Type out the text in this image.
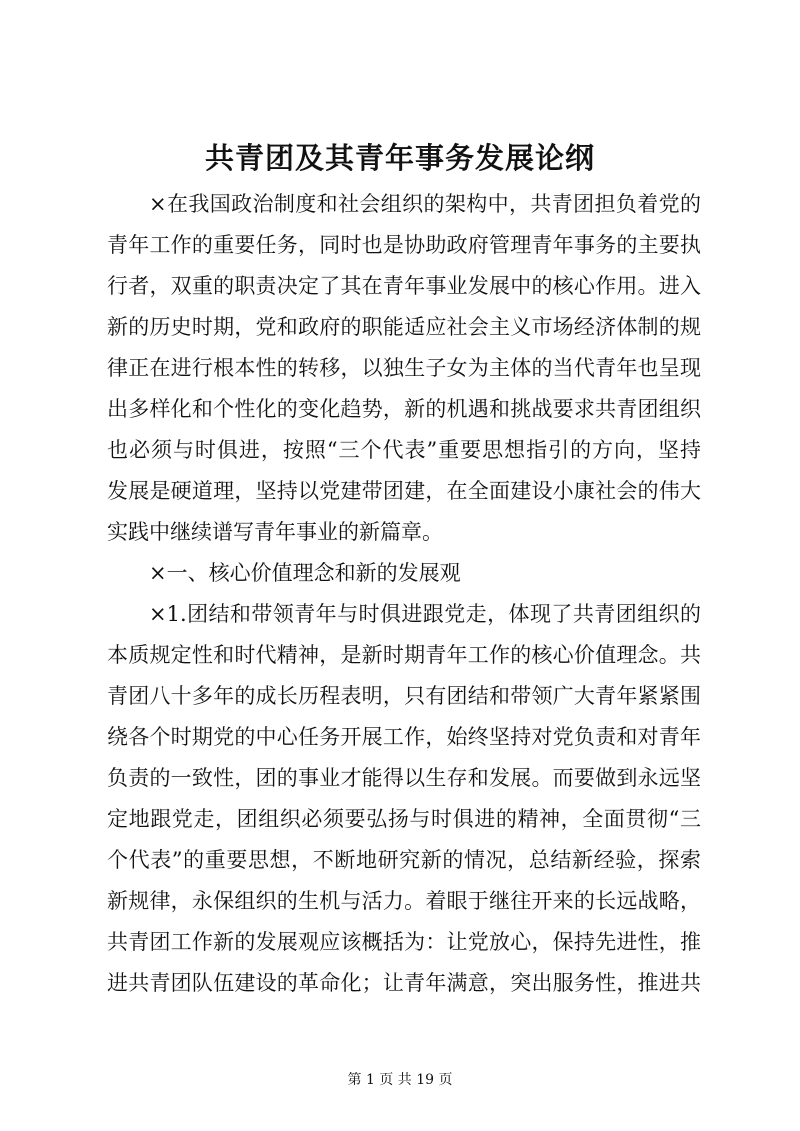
共青团及其青年事务发展论纲
×在我国政治制度和社会组织的架构中，共青团担负着党的
青年工作的重要任务，同时也是协助政府管理青年事务的主要执
行者，双重的职责决定了其在青年事业发展中的核心作用。进入
新的历史时期，党和政府的职能适应社会主义市场经济体制的规
律正在进行根本性的转移，以独生子女为主体的当代青年也呈现
出多样化和个性化的变化趋势，新的机遇和挑战要求共青团组织
也必须与时俱进，按照“三个代表”重要思想指引的方向，坚持
发展是硬道理，坚持以党建带团建，在全面建设小康社会的伟大
实践中继续谱写青年事业的新篇章。
×一、核心价值理念和新的发展观
×1.团结和带领青年与时俱进跟党走，体现了共青团组织的
本质规定性和时代精神，是新时期青年工作的核心价值理念。共
青团八十多年的成长历程表明，只有团结和带领广大青年紧紧围
绕各个时期党的中心任务开展工作，始终坚持对党负责和对青年
负责的一致性，团的事业才能得以生存和发展。而要做到永远坚
定地跟党走，团组织必须要弘扬与时俱进的精神，全面贯彻“三
个代表”的重要思想，不断地研究新的情况，总结新经验，探索
新规律，永保组织的生机与活力。着眼于继往开来的长远战略，
共青团工作新的发展观应该概括为：让党放心，保持先进性，推
进共青团队伍建设的革命化；让青年满意，突出服务性，推进共
第 1 页 共 19 页
